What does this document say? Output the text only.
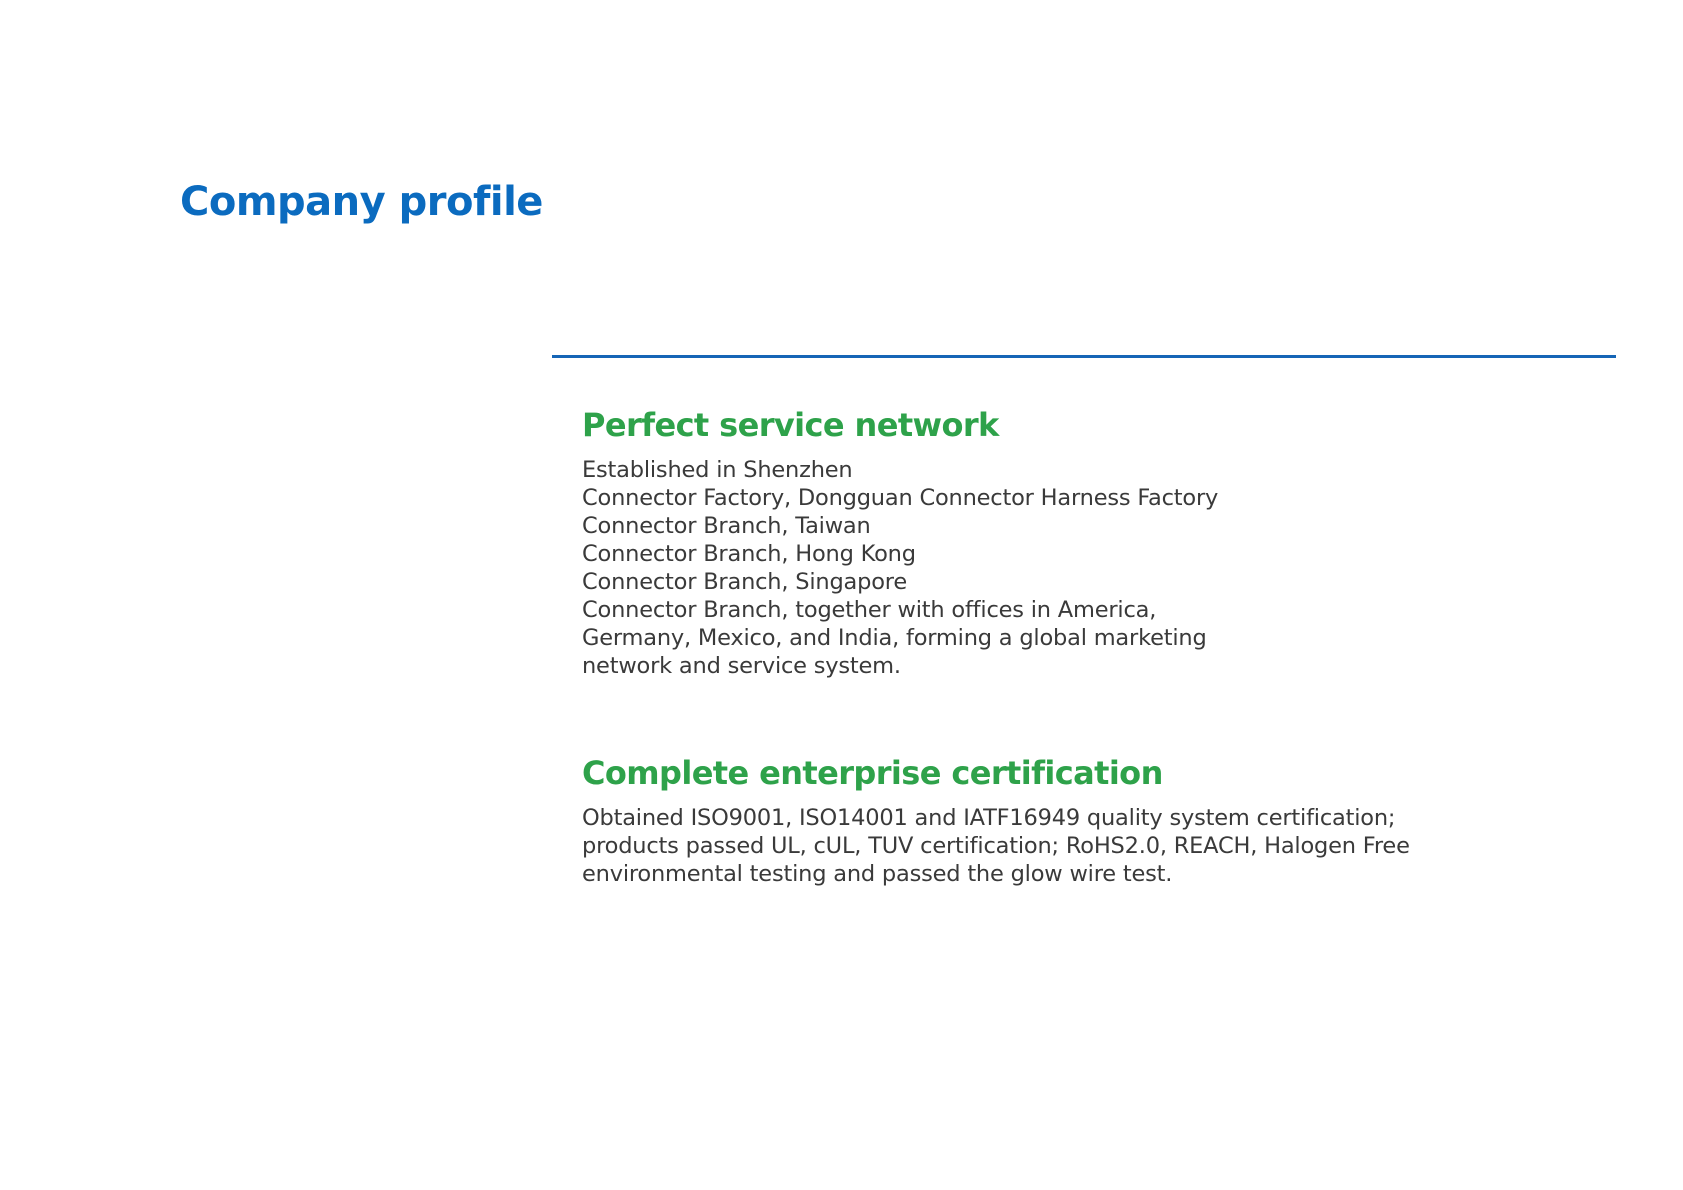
Company profile
Perfect service network
Established in Shenzhen
Connector Factory, Dongguan Connector Harness Factory
Connector Branch, Taiwan
Connector Branch, Hong Kong
Connector Branch, Singapore
Connector Branch, together with offices in America,
Germany, Mexico, and India, forming a global marketing
network and service system.
Complete enterprise certification
Obtained ISO9001, ISO14001 and IATF16949 quality system certification;
products passed UL, cUL, TUV certification; RoHS2.0, REACH, Halogen Free
environmental testing and passed the glow wire test.
